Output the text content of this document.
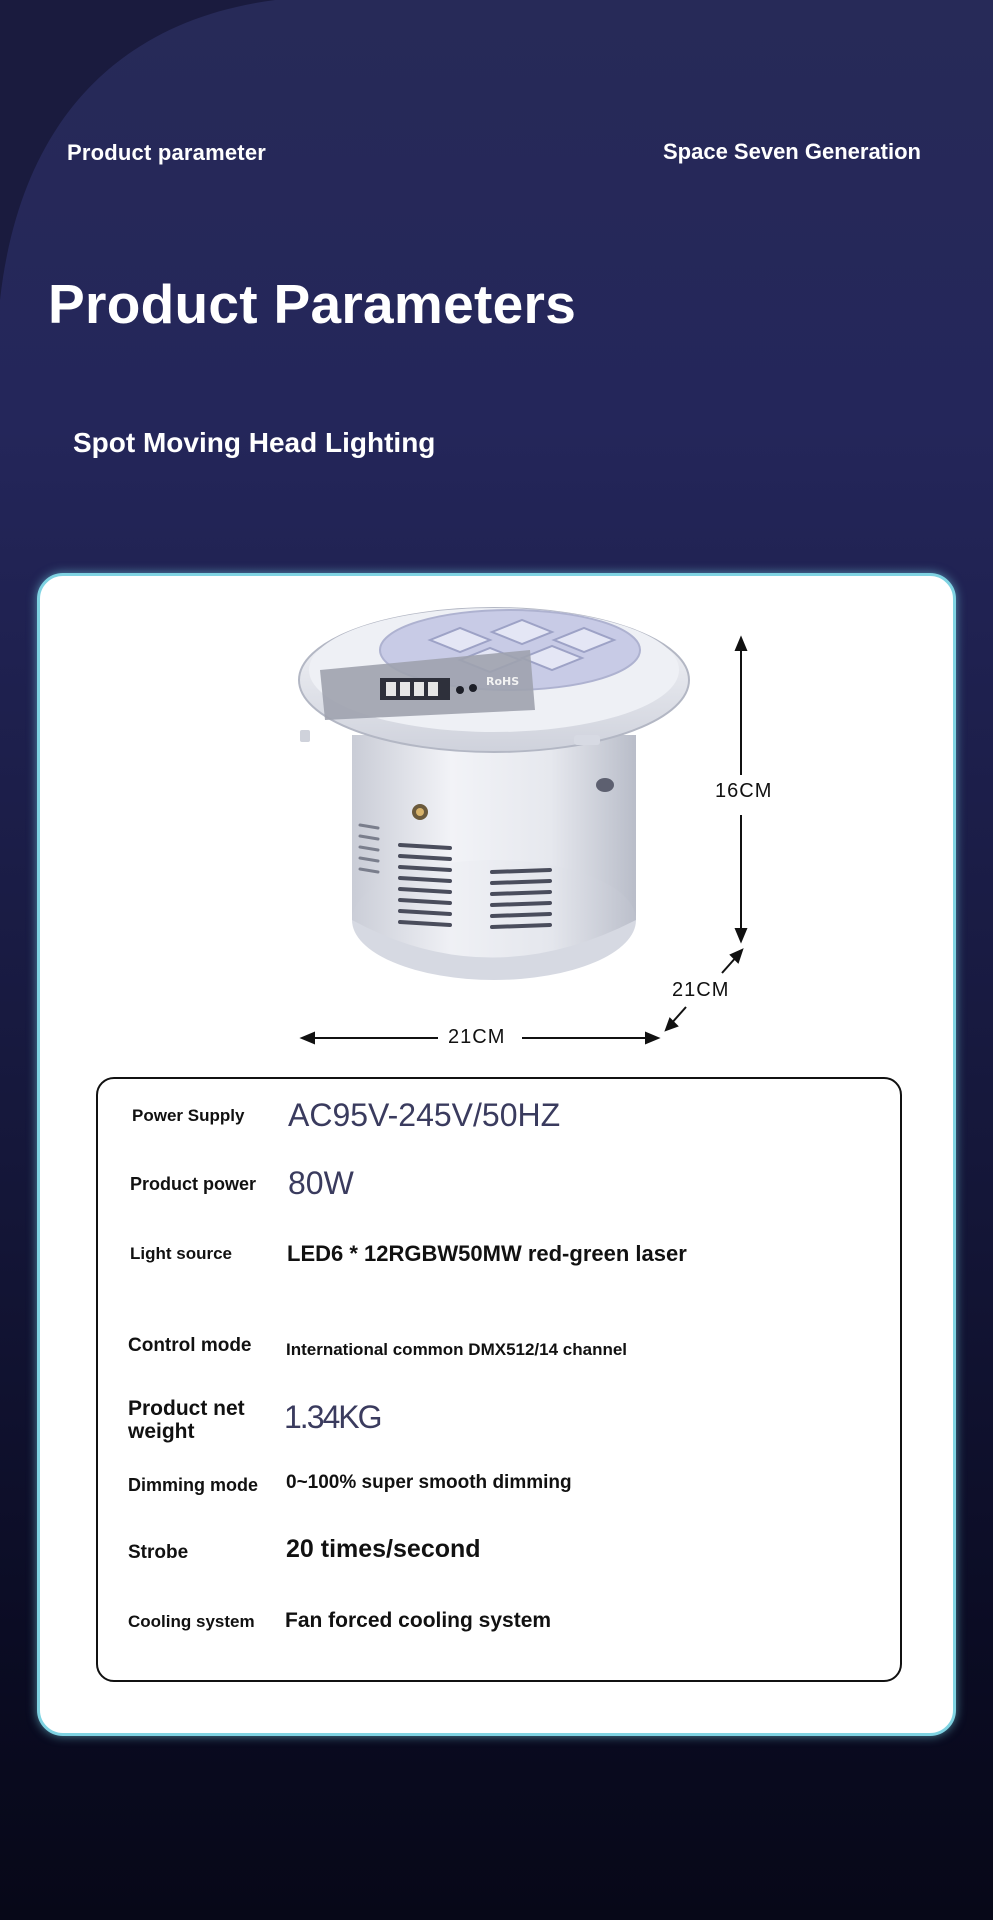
Product parameter	Space Seven Generation
Product Parameters
Spot Moving Head Lighting
RoHS
16CM
21CM
21CM
Power Supply AC95V-245V/50HZ
Product power 80W
Light source LED6 * 12RGBW50MW red-green laser
Control mode International common DMX512/14 channel
Product net weight	1.34KG
Dimming mode 0~100% super smooth dimming
Strobe	20 times/second
Cooling system Fan forced cooling system
